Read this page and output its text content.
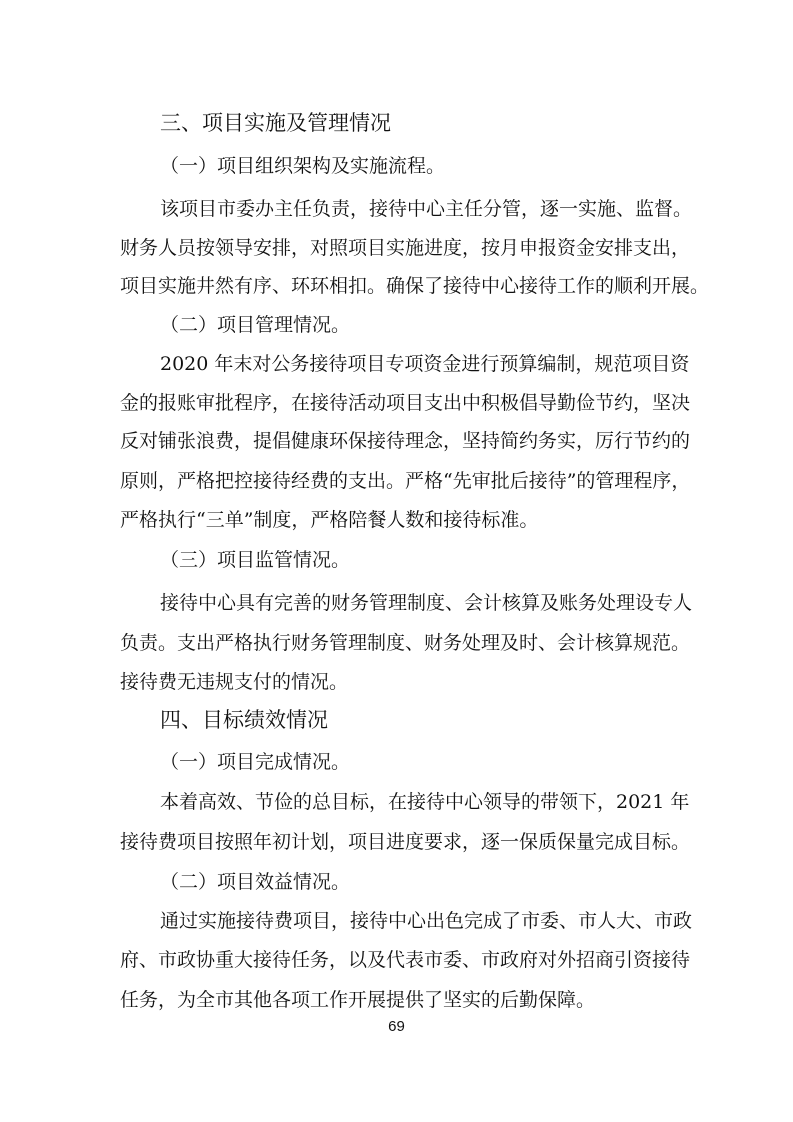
三、项目实施及管理情况
（一）项目组织架构及实施流程。
该项目市委办主任负责，接待中心主任分管，逐一实施、监督。
财务人员按领导安排，对照项目实施进度，按月申报资金安排支出，
项目实施井然有序、环环相扣。确保了接待中心接待工作的顺利开展。
（二）项目管理情况。
2020 年末对公务接待项目专项资金进行预算编制，规范项目资
金的报账审批程序，在接待活动项目支出中积极倡导勤俭节约，坚决
反对铺张浪费，提倡健康环保接待理念，坚持简约务实，厉行节约的
原则，严格把控接待经费的支出。严格“先审批后接待”的管理程序，
严格执行“三单”制度，严格陪餐人数和接待标准。
（三）项目监管情况。
接待中心具有完善的财务管理制度、会计核算及账务处理设专人
负责。支出严格执行财务管理制度、财务处理及时、会计核算规范。
接待费无违规支付的情况。
四、目标绩效情况
（一）项目完成情况。
本着高效、节俭的总目标，在接待中心领导的带领下，2021 年
接待费项目按照年初计划，项目进度要求，逐一保质保量完成目标。
（二）项目效益情况。
通过实施接待费项目，接待中心出色完成了市委、市人大、市政
府、市政协重大接待任务，以及代表市委、市政府对外招商引资接待
任务，为全市其他各项工作开展提供了坚实的后勤保障。
69
